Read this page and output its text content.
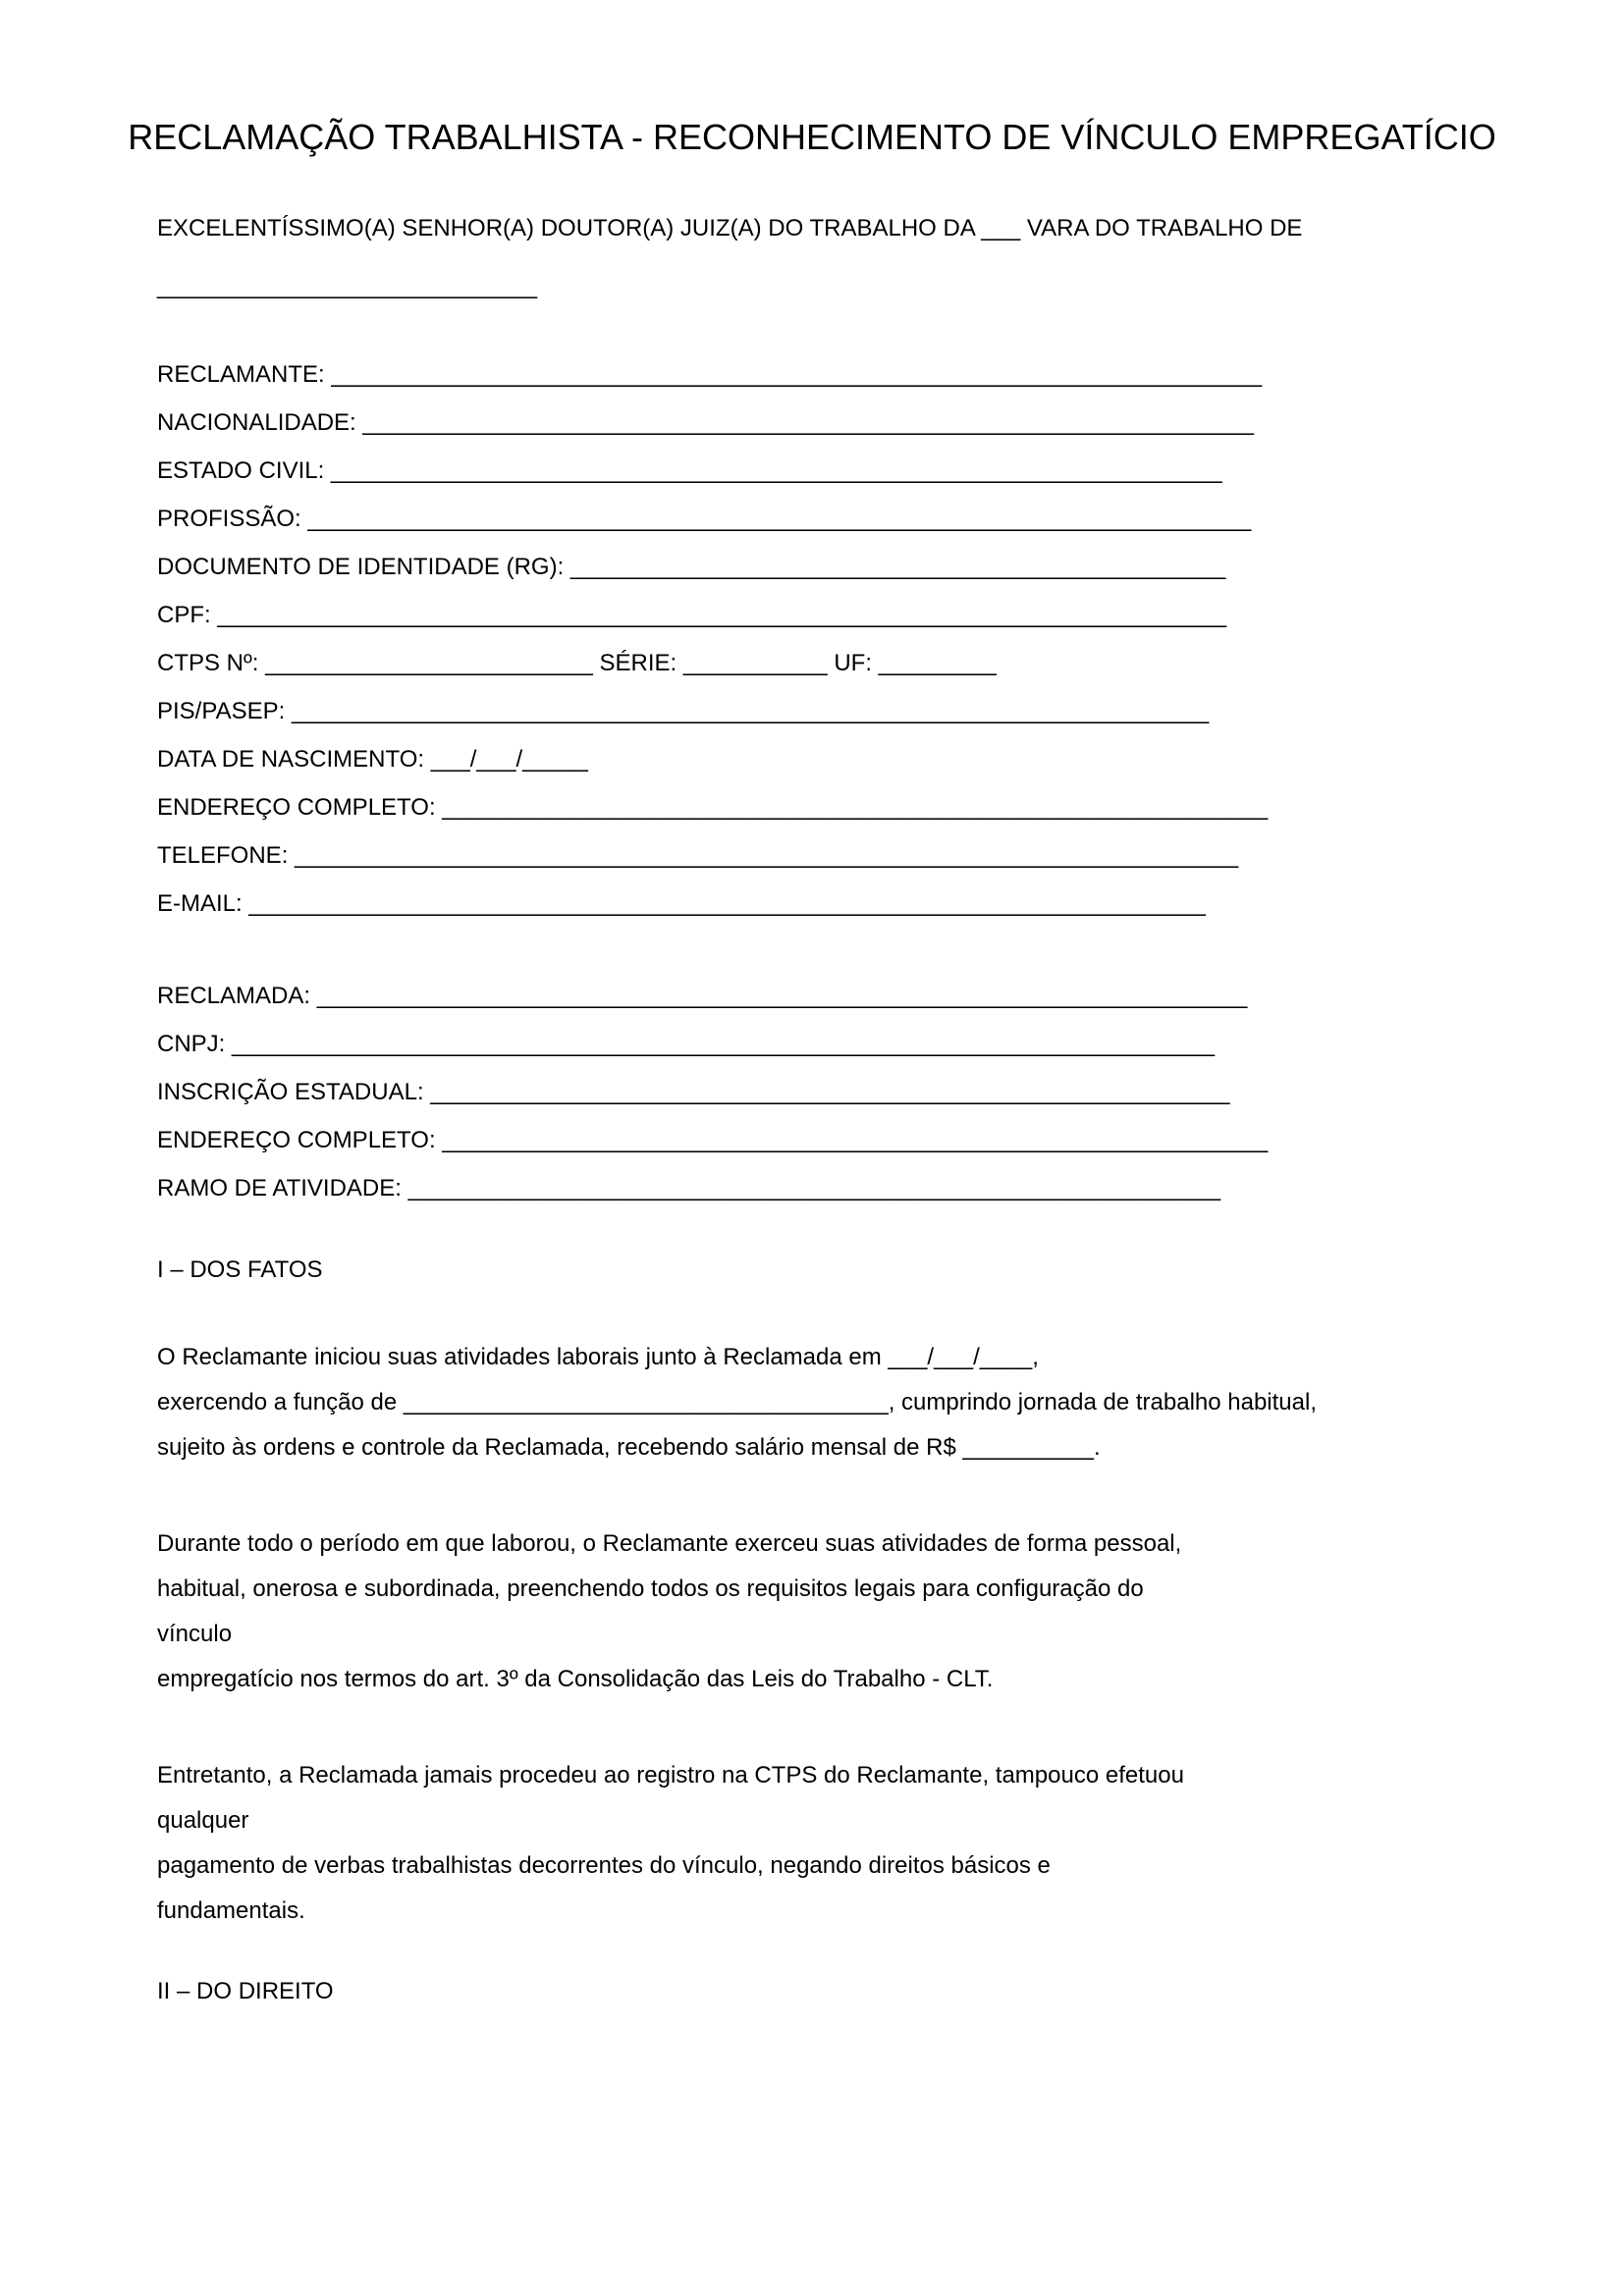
RECLAMAÇÃO TRABALHISTA - RECONHECIMENTO DE VÍNCULO EMPREGATÍCIO

EXCELENTÍSSIMO(A) SENHOR(A) DOUTOR(A) JUIZ(A) DO TRABALHO DA ___ VARA DO TRABALHO DE

_____________________________

RECLAMANTE: _______________________________________________________________________
NACIONALIDADE: ____________________________________________________________________
ESTADO CIVIL: ____________________________________________________________________
PROFISSÃO: ________________________________________________________________________
DOCUMENTO DE IDENTIDADE (RG): __________________________________________________
CPF: _____________________________________________________________________________
CTPS Nº: _________________________ SÉRIE: ___________ UF: _________
PIS/PASEP: ______________________________________________________________________
DATA DE NASCIMENTO: ___/___/_____
ENDEREÇO COMPLETO: _______________________________________________________________
TELEFONE: ________________________________________________________________________
E-MAIL: _________________________________________________________________________
RECLAMADA: _______________________________________________________________________
CNPJ: ___________________________________________________________________________
INSCRIÇÃO ESTADUAL: _____________________________________________________________
ENDEREÇO COMPLETO: _______________________________________________________________
RAMO DE ATIVIDADE: ______________________________________________________________
I – DOS FATOS
O Reclamante iniciou suas atividades laborais junto à Reclamada em ___/___/____,
exercendo a função de _____________________________________, cumprindo jornada de trabalho habitual,
sujeito às ordens e controle da Reclamada, recebendo salário mensal de R$ __________.
Durante todo o período em que laborou, o Reclamante exerceu suas atividades de forma pessoal,
habitual, onerosa e subordinada, preenchendo todos os requisitos legais para configuração do
vínculo
empregatício nos termos do art. 3º da Consolidação das Leis do Trabalho - CLT.
Entretanto, a Reclamada jamais procedeu ao registro na CTPS do Reclamante, tampouco efetuou
qualquer
pagamento de verbas trabalhistas decorrentes do vínculo, negando direitos básicos e
fundamentais.
II – DO DIREITO
